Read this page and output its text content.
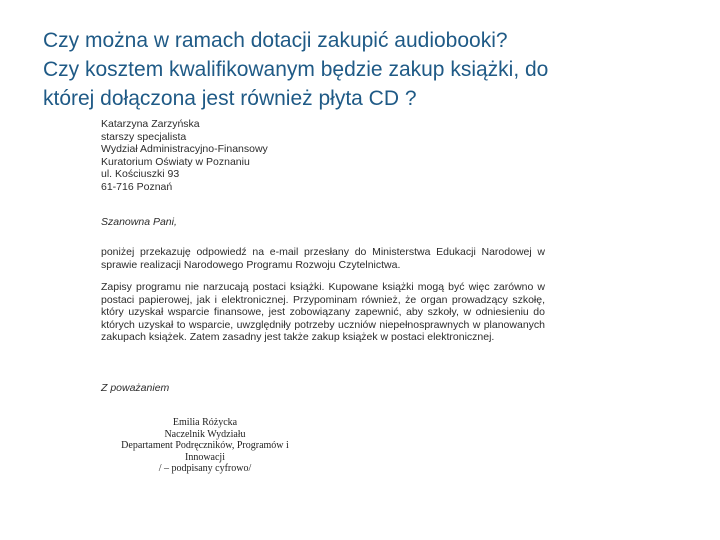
Czy można w ramach dotacji zakupić audiobooki?
Czy kosztem kwalifikowanym będzie zakup książki, do
której dołączona jest również płyta CD ?
Katarzyna Zarzyńska
starszy specjalista
Wydział Administracyjno-Finansowy
Kuratorium Oświaty w Poznaniu
ul. Kościuszki 93
61-716 Poznań
Szanowna Pani,
poniżej przekazuję odpowiedź na e-mail przesłany do Ministerstwa Edukacji Narodowej w sprawie realizacji Narodowego Programu Rozwoju Czytelnictwa.
Zapisy programu nie narzucają postaci książki. Kupowane książki mogą być więc zarówno w postaci papierowej, jak i elektronicznej. Przypominam również, że organ prowadzący szkołę, który uzyskał wsparcie finansowe, jest zobowiązany zapewnić, aby szkoły, w odniesieniu do których uzyskał to wsparcie, uwzględniły potrzeby uczniów niepełnosprawnych w planowanych zakupach książek. Zatem zasadny jest także zakup książek w postaci elektronicznej.
Z poważaniem
Emilia Różycka
Naczelnik Wydziału
Departament Podręczników, Programów i
Innowacji
/ – podpisany cyfrowo/
